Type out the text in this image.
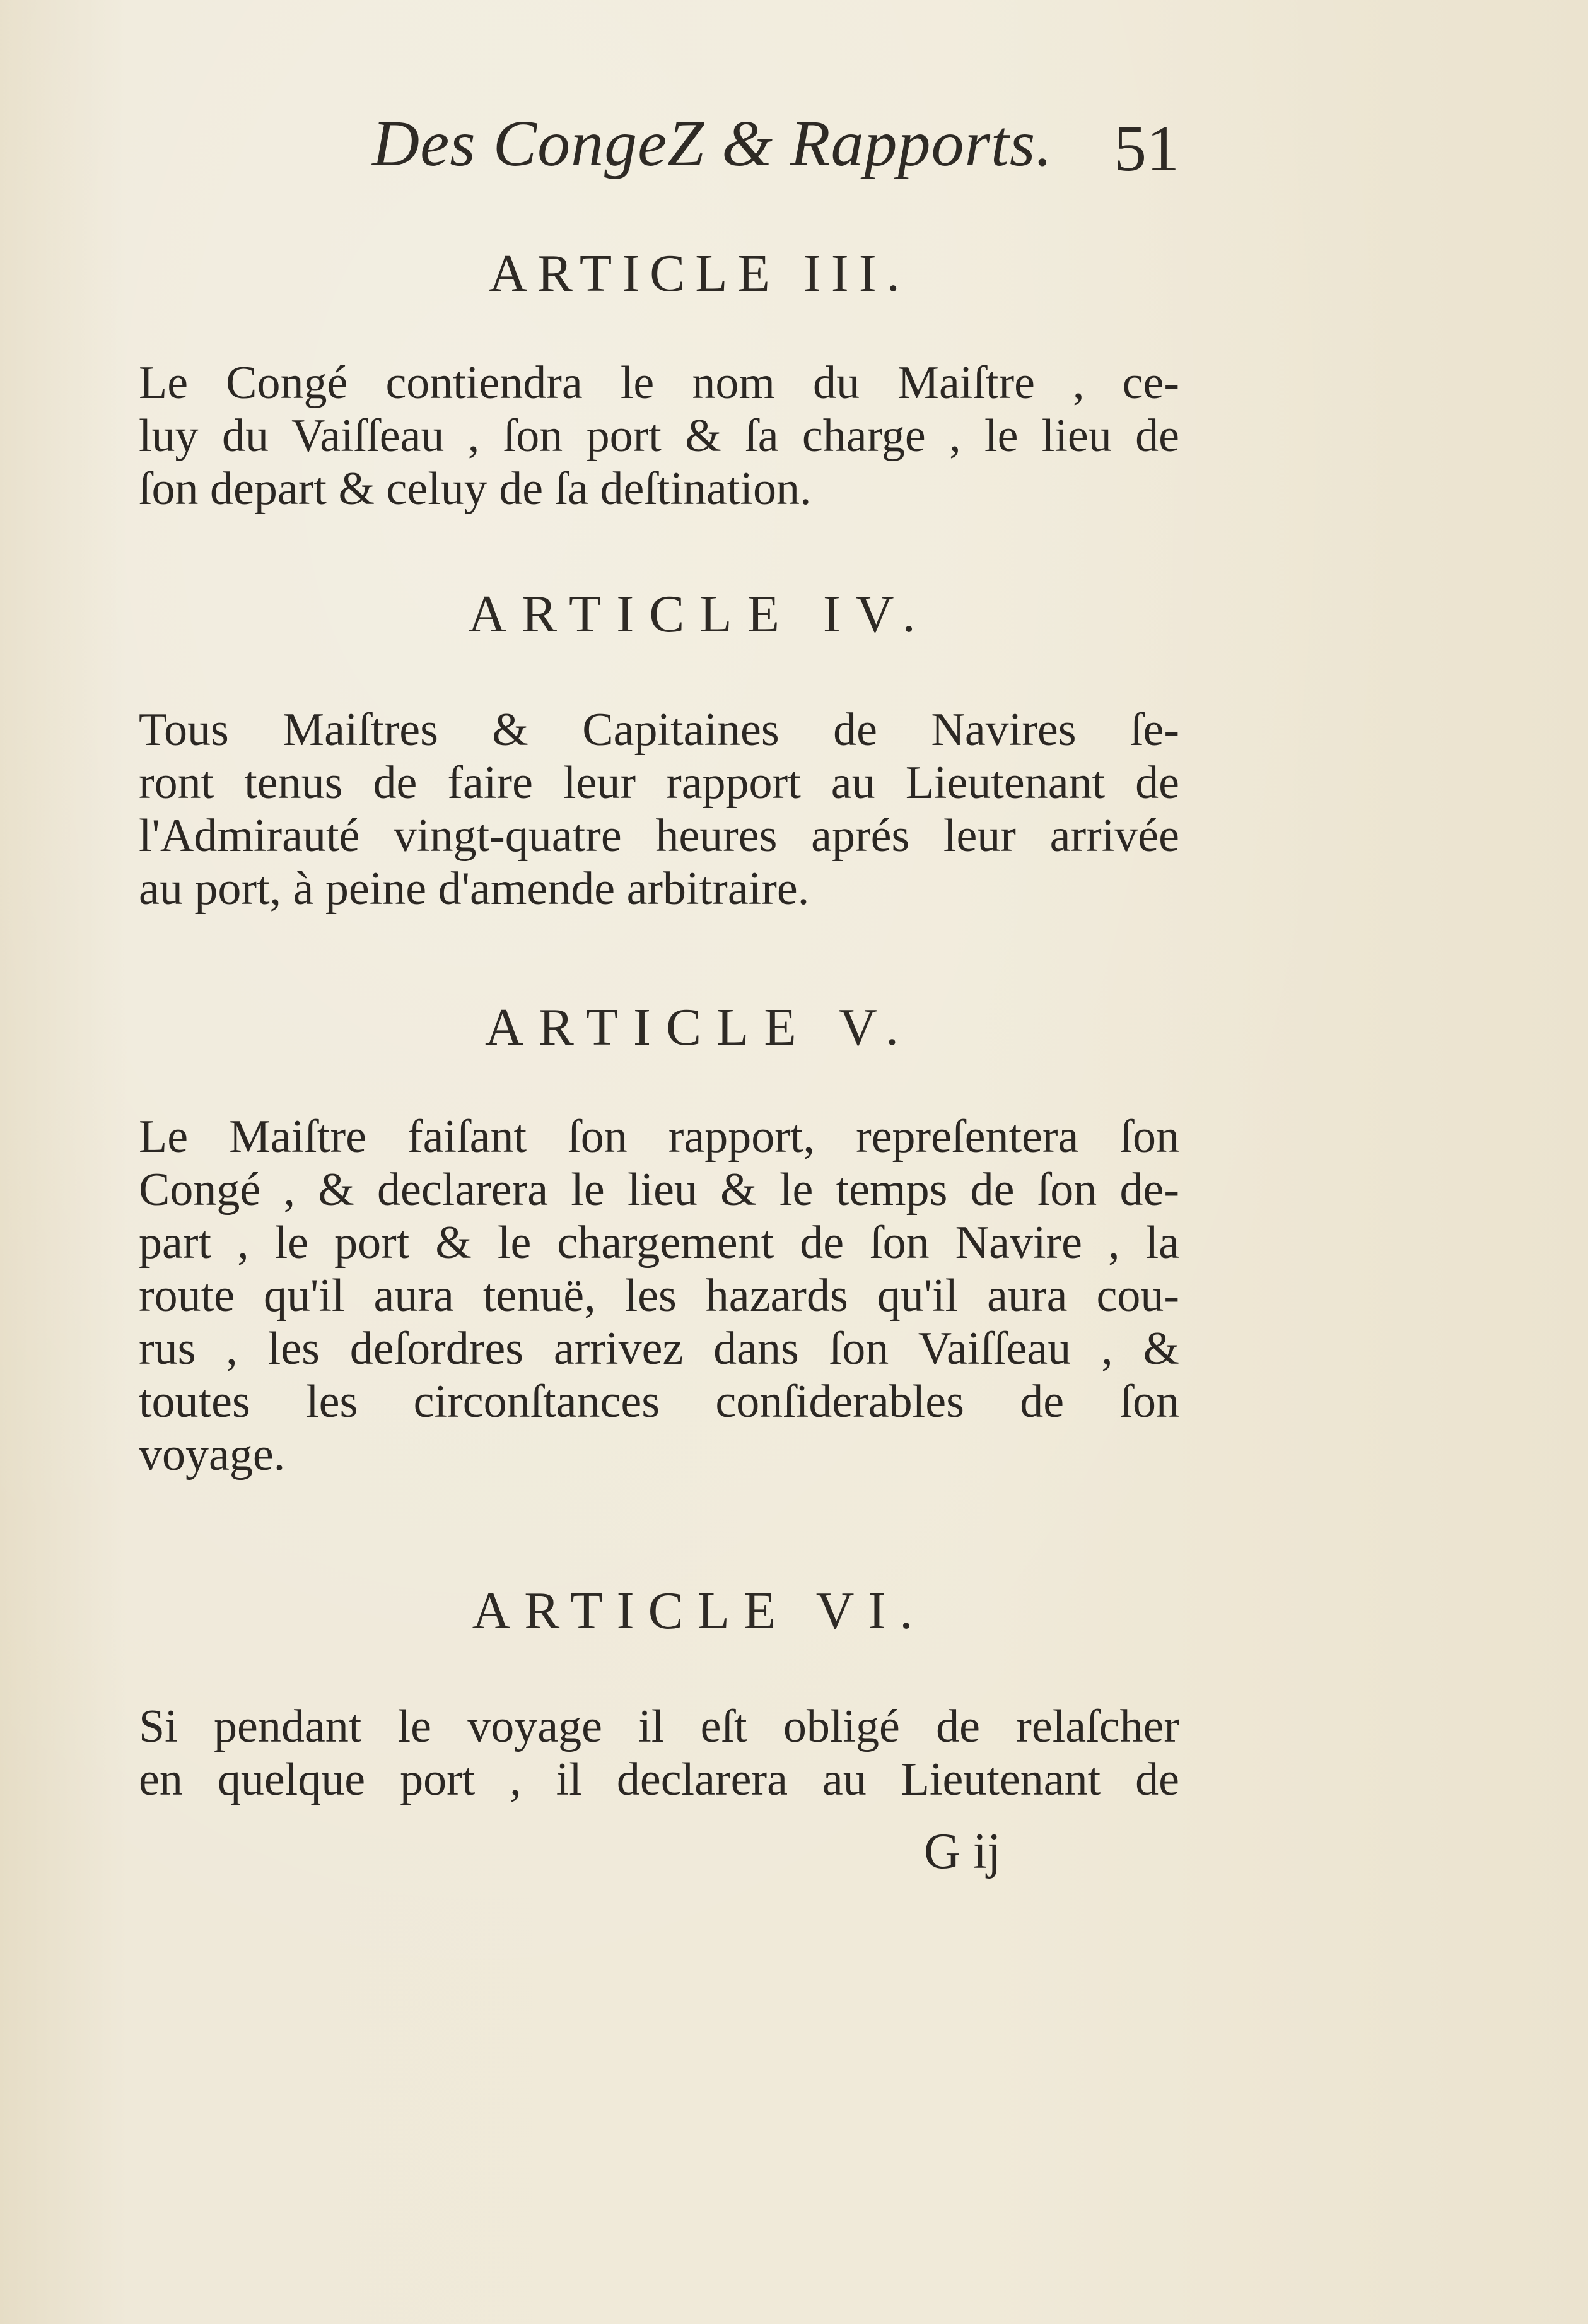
Des CongeZ & Rapports. 51
ARTICLE III.
Le Congé contiendra le nom du Maiſtre , ce-
luy du Vaiſſeau , ſon port & ſa charge , le lieu de
ſon depart & celuy de ſa deſtination.
ARTICLE IV.
Tous Maiſtres & Capitaines de Navires ſe-
ront tenus de faire leur rapport au Lieutenant de
l'Admirauté vingt-quatre heures aprés leur arrivée
au port, à peine d'amende arbitraire.
ARTICLE V.
Le Maiſtre faiſant ſon rapport, repreſentera ſon
Congé , & declarera le lieu & le temps de ſon de-
part , le port & le chargement de ſon Navire , la
route qu'il aura tenuë, les hazards qu'il aura cou-
rus , les deſordres arrivez dans ſon Vaiſſeau , &
toutes les circonſtances conſiderables de ſon
voyage.
ARTICLE VI.
Si pendant le voyage il eſt obligé de relaſcher
en quelque port , il declarera au Lieutenant de
G ij
